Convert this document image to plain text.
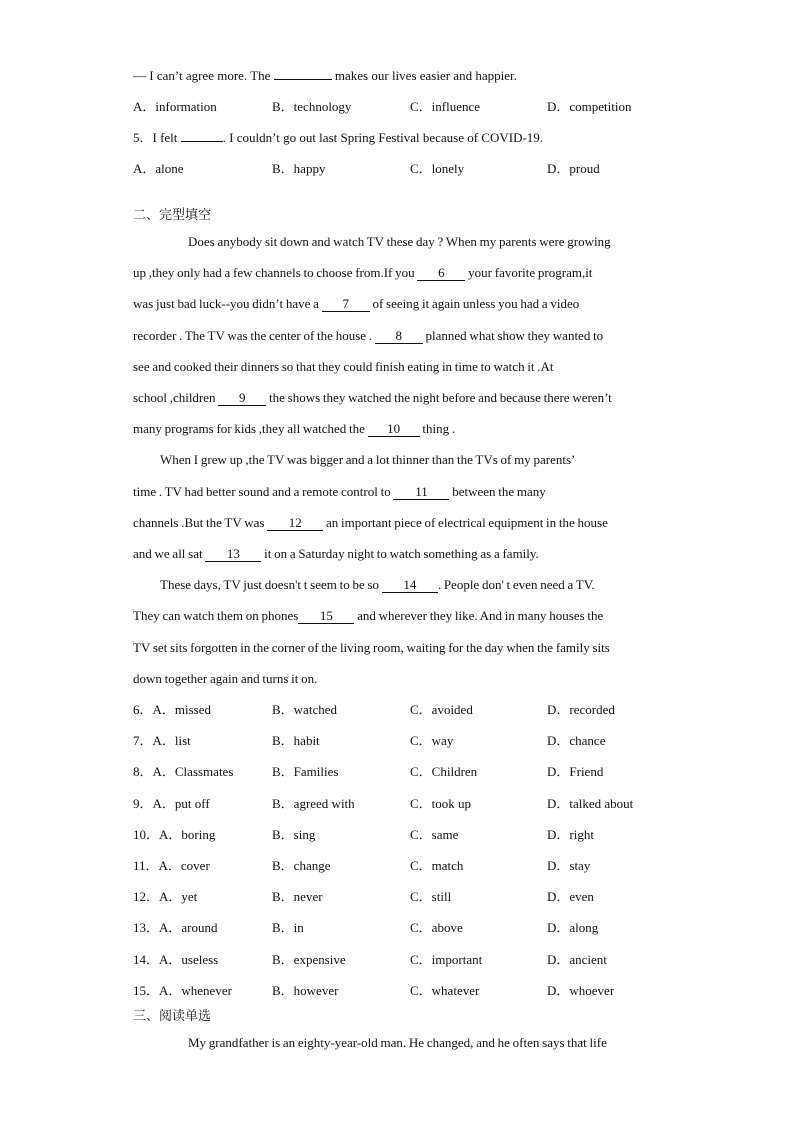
— I can’t agree more. The	makes our lives easier and happier.
A．information	B．technology	C．influence	D．competition
5．I felt	. I couldn’t go out last Spring Festival because of COVID-19.
A．alone	B．happy	C．lonely	D．proud
二、完型填空
Does anybody sit down and watch TV these day ? When my parents were growing
up ,they only had a few channels to choose from.If you 6 your favorite program,it
was just bad luck--you didn’t have a 7 of seeing it again unless you had a video
recorder . The TV was the center of the house . 8 planned what show they wanted to
see and cooked their dinners so that they could finish eating in time to watch it .At
school ,children 9 the shows they watched the night before and because there weren’t
many programs for kids ,they all watched the 10 thing .
When I grew up ,the TV was bigger and a lot thinner than the TVs of my parents’
time . TV had better sound and a remote control to 11 between the many
channels .But the TV was 12 an important piece of electrical equipment in the house
and we all sat 13 it on a Saturday night to watch something as a family.
These days, TV just doesn't t seem to be so 14 . People don' t even need a TV.
They can watch them on phones 15 and wherever they like. And in many houses the
TV set sits forgotten in the corner of the living room, waiting for the day when the family sits
down together again and turns it on.
6．A．missed	B．watched	C．avoided	D．recorded
7．A．list	B．habit	C．way	D．chance
8．A．Classmates	B．Families	C．Children	D．Friend
9．A．put off	B．agreed with	C．took up	D．talked about
10．A．boring	B．sing	C．same	D．right
11．A．cover	B．change	C．match	D．stay
12．A．yet	B．never	C．still	D．even
13．A．around	B．in	C．above	D．along
14．A．useless	B．expensive	C．important	D．ancient
15．A．whenever	B．however	C．whatever	D．whoever
三、阅读单选
My grandfather is an eighty-year-old man. He changed, and he often says that life
